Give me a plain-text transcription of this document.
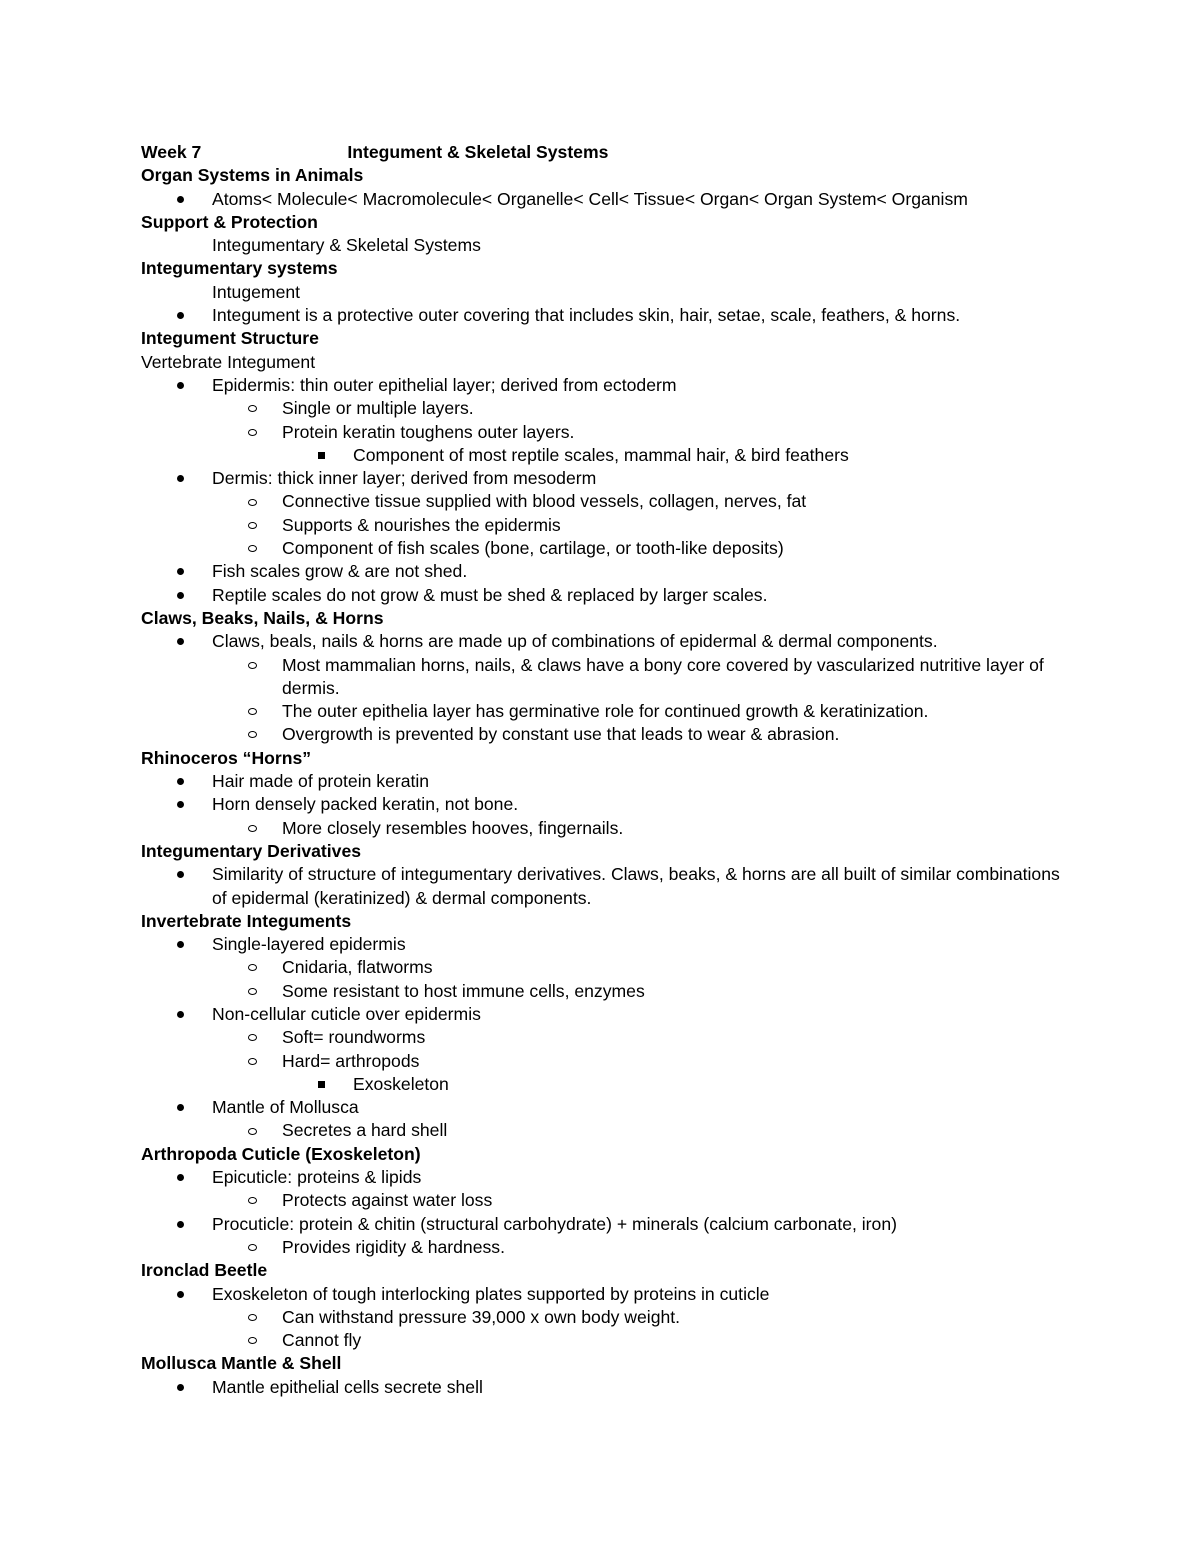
Week 7	Integument & Skeletal Systems
Organ Systems in Animals
Atoms< Molecule< Macromolecule< Organelle< Cell< Tissue< Organ< Organ System< Organism
Support & Protection
Integumentary & Skeletal Systems
Integumentary systems
Intugement
Integument is a protective outer covering that includes skin, hair, setae, scale, feathers, & horns.
Integument Structure
Vertebrate Integument
Epidermis: thin outer epithelial layer; derived from ectoderm
Single or multiple layers.
Protein keratin toughens outer layers.
Component of most reptile scales, mammal hair, & bird feathers
Dermis: thick inner layer; derived from mesoderm
Connective tissue supplied with blood vessels, collagen, nerves, fat
Supports & nourishes the epidermis
Component of fish scales (bone, cartilage, or tooth-like deposits)
Fish scales grow & are not shed.
Reptile scales do not grow & must be shed & replaced by larger scales.
Claws, Beaks, Nails, & Horns
Claws, beals, nails & horns are made up of combinations of epidermal & dermal components.
Most mammalian horns, nails, & claws have a bony core covered by vascularized nutritive layer of dermis.
The outer epithelia layer has germinative role for continued growth & keratinization.
Overgrowth is prevented by constant use that leads to wear & abrasion.
Rhinoceros “Horns”
Hair made of protein keratin
Horn densely packed keratin, not bone.
More closely resembles hooves, fingernails.
Integumentary Derivatives
Similarity of structure of integumentary derivatives. Claws, beaks, & horns are all built of similar combinations of epidermal (keratinized) & dermal components.
Invertebrate Integuments
Single-layered epidermis
Cnidaria, flatworms
Some resistant to host immune cells, enzymes
Non-cellular cuticle over epidermis
Soft= roundworms
Hard= arthropods
Exoskeleton
Mantle of Mollusca
Secretes a hard shell
Arthropoda Cuticle (Exoskeleton)
Epicuticle: proteins & lipids
Protects against water loss
Procuticle: protein & chitin (structural carbohydrate) + minerals (calcium carbonate, iron)
Provides rigidity & hardness.
Ironclad Beetle
Exoskeleton of tough interlocking plates supported by proteins in cuticle
Can withstand pressure 39,000 x own body weight.
Cannot fly
Mollusca Mantle & Shell
Mantle epithelial cells secrete shell
